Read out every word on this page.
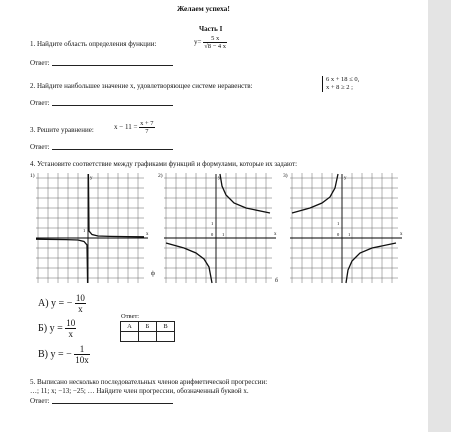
Желаем успеха!
Часть I
1. Найдите область определения функции:	$y= \frac{5 x}{√8 - 4 x}$
Ответ:
2. Найдите наибольшее значение x, удовлетворяющее системе неравенств:
6 x + 18 ≤ 0,
x + 8 ≥ 2 ;
Ответ:
3. Решите уравнение:	$x - 11 = \frac{x + 7}{7}$
Ответ:
4. Установите соответствие между графиками функций и формулами, которые их задают:
1)	2)	3)
y
x
1
y
x
0
1
1
y
x
0
1
1
ф
б
А) y = − $\frac{10}{x}$
Б) $y = \frac{10}{x}$
В) y = − $\frac{1}{10x}$
Ответ:
А	Б	В

5. Выписано несколько последовательных членов арифметической прогрессии:
…; 11; x; −13; −25; … Найдите член прогрессии, обозначенный буквой x.
Ответ:
